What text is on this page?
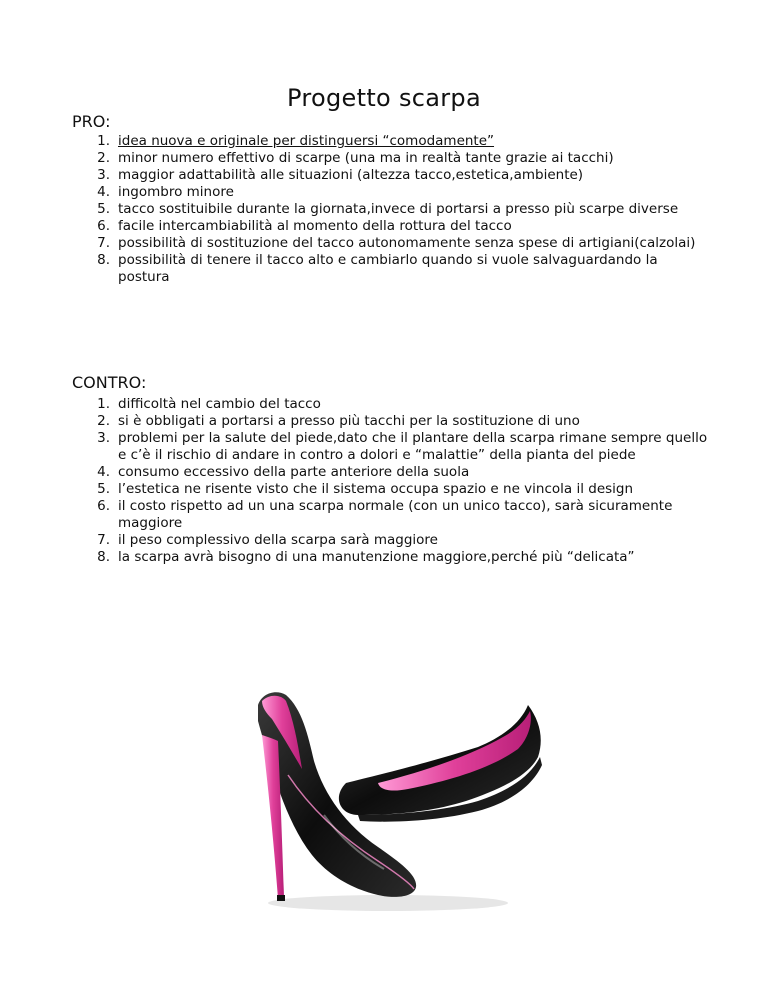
Progetto scarpa
PRO:
1. idea nuova e originale per distinguersi “comodamente”
2. minor numero effettivo di scarpe (una ma in realtà tante grazie ai tacchi)
3. maggior adattabilità alle situazioni (altezza tacco,estetica,ambiente)
4. ingombro minore
5. tacco sostituibile durante la giornata,invece di portarsi a presso più scarpe diverse
6. facile intercambiabilità al momento della rottura del tacco
7. possibilità di sostituzione del tacco autonomamente senza spese di artigiani(calzolai)
8. possibilità di tenere il tacco alto e cambiarlo quando si vuole salvaguardando la postura
CONTRO:
1. difficoltà nel cambio del tacco
2. si è obbligati a portarsi a presso più tacchi per la sostituzione di uno
3. problemi per la salute del piede,dato che il plantare della scarpa rimane sempre quello e c’è il rischio di andare in contro a dolori e “malattie” della pianta del piede
4. consumo eccessivo della parte anteriore della suola
5. l’estetica ne risente visto che il sistema occupa spazio e ne vincola il design
6. il costo rispetto ad un una scarpa normale (con un unico tacco), sarà sicuramente maggiore
7. il peso complessivo della scarpa sarà maggiore
8. la scarpa avrà bisogno di una manutenzione maggiore,perché più “delicata”
